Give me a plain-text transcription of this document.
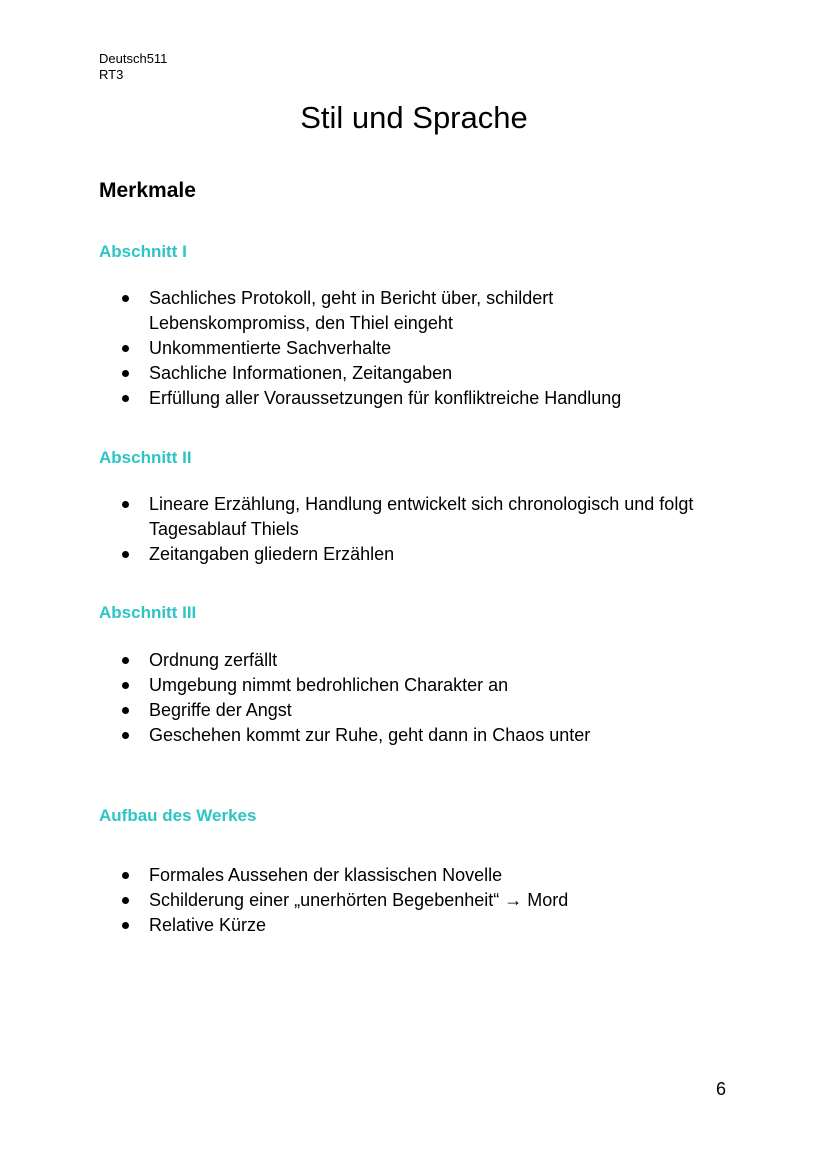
Deutsch511
RT3
Stil und Sprache
Merkmale
Abschnitt I
Sachliches Protokoll, geht in Bericht über, schildert Lebenskompromiss, den Thiel eingeht
Unkommentierte Sachverhalte
Sachliche Informationen, Zeitangaben
Erfüllung aller Voraussetzungen für konfliktreiche Handlung
Abschnitt II
Lineare Erzählung, Handlung entwickelt sich chronologisch und folgt Tagesablauf Thiels
Zeitangaben gliedern Erzählen
Abschnitt III
Ordnung zerfällt
Umgebung nimmt bedrohlichen Charakter an
Begriffe der Angst
Geschehen kommt zur Ruhe, geht dann in Chaos unter
Aufbau des Werkes
Formales Aussehen der klassischen Novelle
Schilderung einer „unerhörten Begebenheit“ → Mord
Relative Kürze
6
